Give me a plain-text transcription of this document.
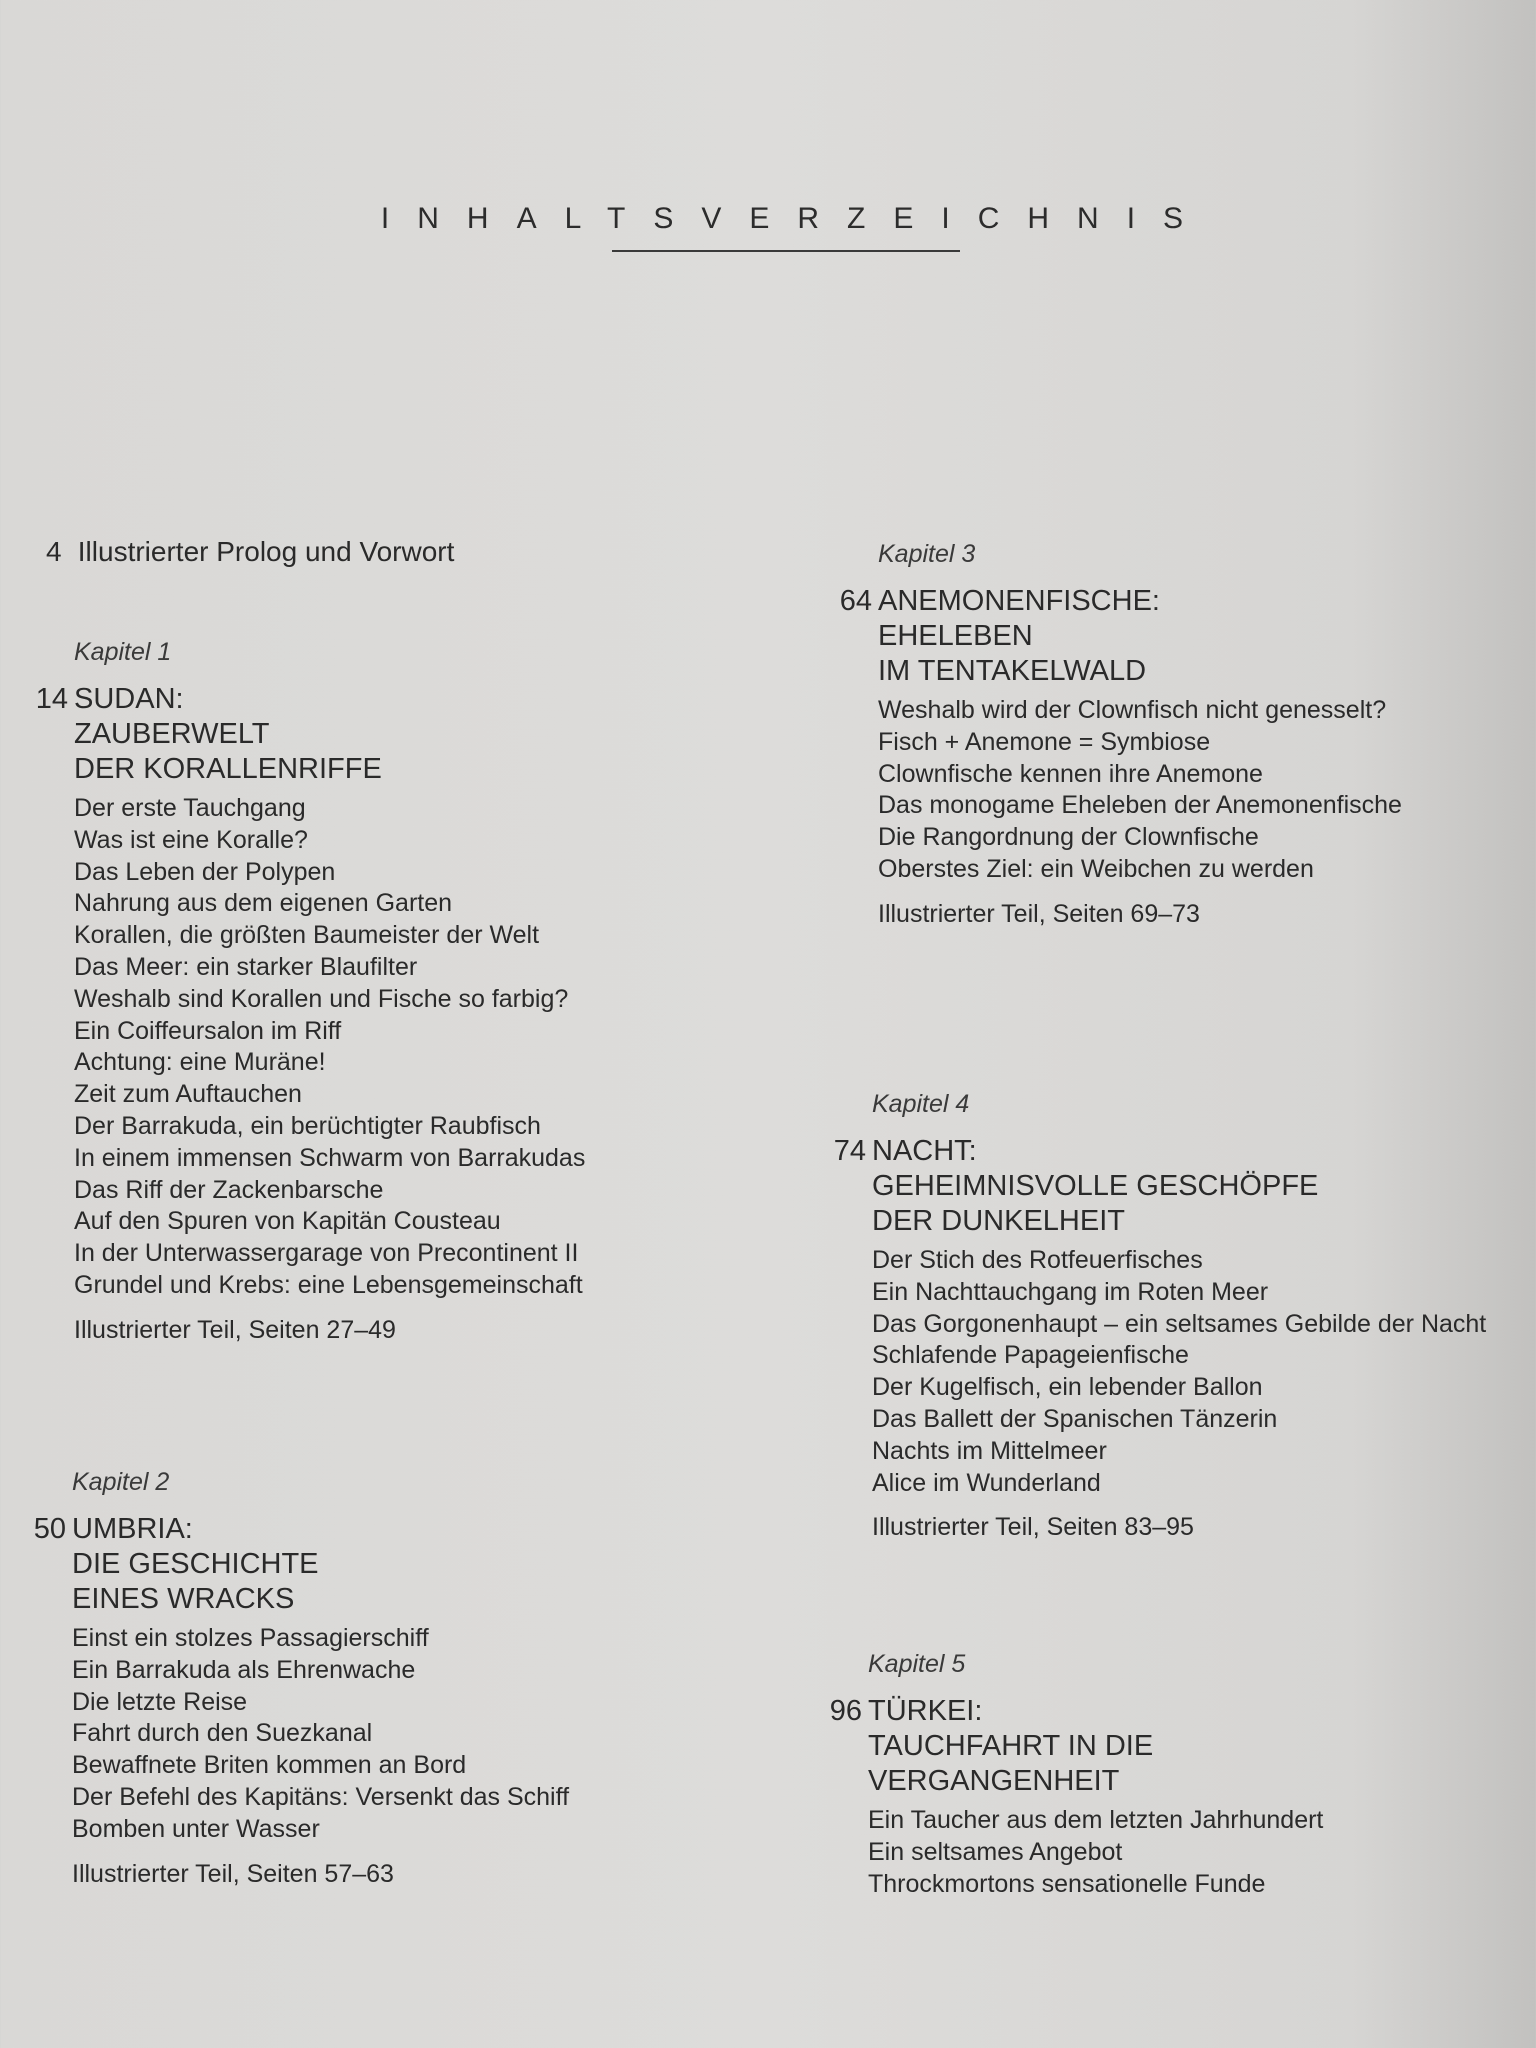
INHALTSVERZEICHNIS
4 Illustrierter Prolog und Vorwort
Kapitel 1
14 SUDAN:
ZAUBERWELT
DER KORALLENRIFFE
Der erste Tauchgang
Was ist eine Koralle?
Das Leben der Polypen
Nahrung aus dem eigenen Garten
Korallen, die größten Baumeister der Welt
Das Meer: ein starker Blaufilter
Weshalb sind Korallen und Fische so farbig?
Ein Coiffeursalon im Riff
Achtung: eine Muräne!
Zeit zum Auftauchen
Der Barrakuda, ein berüchtigter Raubfisch
In einem immensen Schwarm von Barrakudas
Das Riff der Zackenbarsche
Auf den Spuren von Kapitän Cousteau
In der Unterwassergarage von Precontinent II
Grundel und Krebs: eine Lebensgemeinschaft
Illustrierter Teil, Seiten 27–49
Kapitel 2
50 UMBRIA:
DIE GESCHICHTE
EINES WRACKS
Einst ein stolzes Passagierschiff
Ein Barrakuda als Ehrenwache
Die letzte Reise
Fahrt durch den Suezkanal
Bewaffnete Briten kommen an Bord
Der Befehl des Kapitäns: Versenkt das Schiff
Bomben unter Wasser
Illustrierter Teil, Seiten 57–63
Kapitel 3
64 ANEMONENFISCHE:
EHELEBEN
IM TENTAKELWALD
Weshalb wird der Clownfisch nicht genesselt?
Fisch + Anemone = Symbiose
Clownfische kennen ihre Anemone
Das monogame Eheleben der Anemonenfische
Die Rangordnung der Clownfische
Oberstes Ziel: ein Weibchen zu werden
Illustrierter Teil, Seiten 69–73
Kapitel 4
74 NACHT:
GEHEIMNISVOLLE GESCHÖPFE
DER DUNKELHEIT
Der Stich des Rotfeuerfisches
Ein Nachttauchgang im Roten Meer
Das Gorgonenhaupt – ein seltsames Gebilde der Nacht
Schlafende Papageienfische
Der Kugelfisch, ein lebender Ballon
Das Ballett der Spanischen Tänzerin
Nachts im Mittelmeer
Alice im Wunderland
Illustrierter Teil, Seiten 83–95
Kapitel 5
96 TÜRKEI:
TAUCHFAHRT IN DIE
VERGANGENHEIT
Ein Taucher aus dem letzten Jahrhundert
Ein seltsames Angebot
Throckmortons sensationelle Funde
